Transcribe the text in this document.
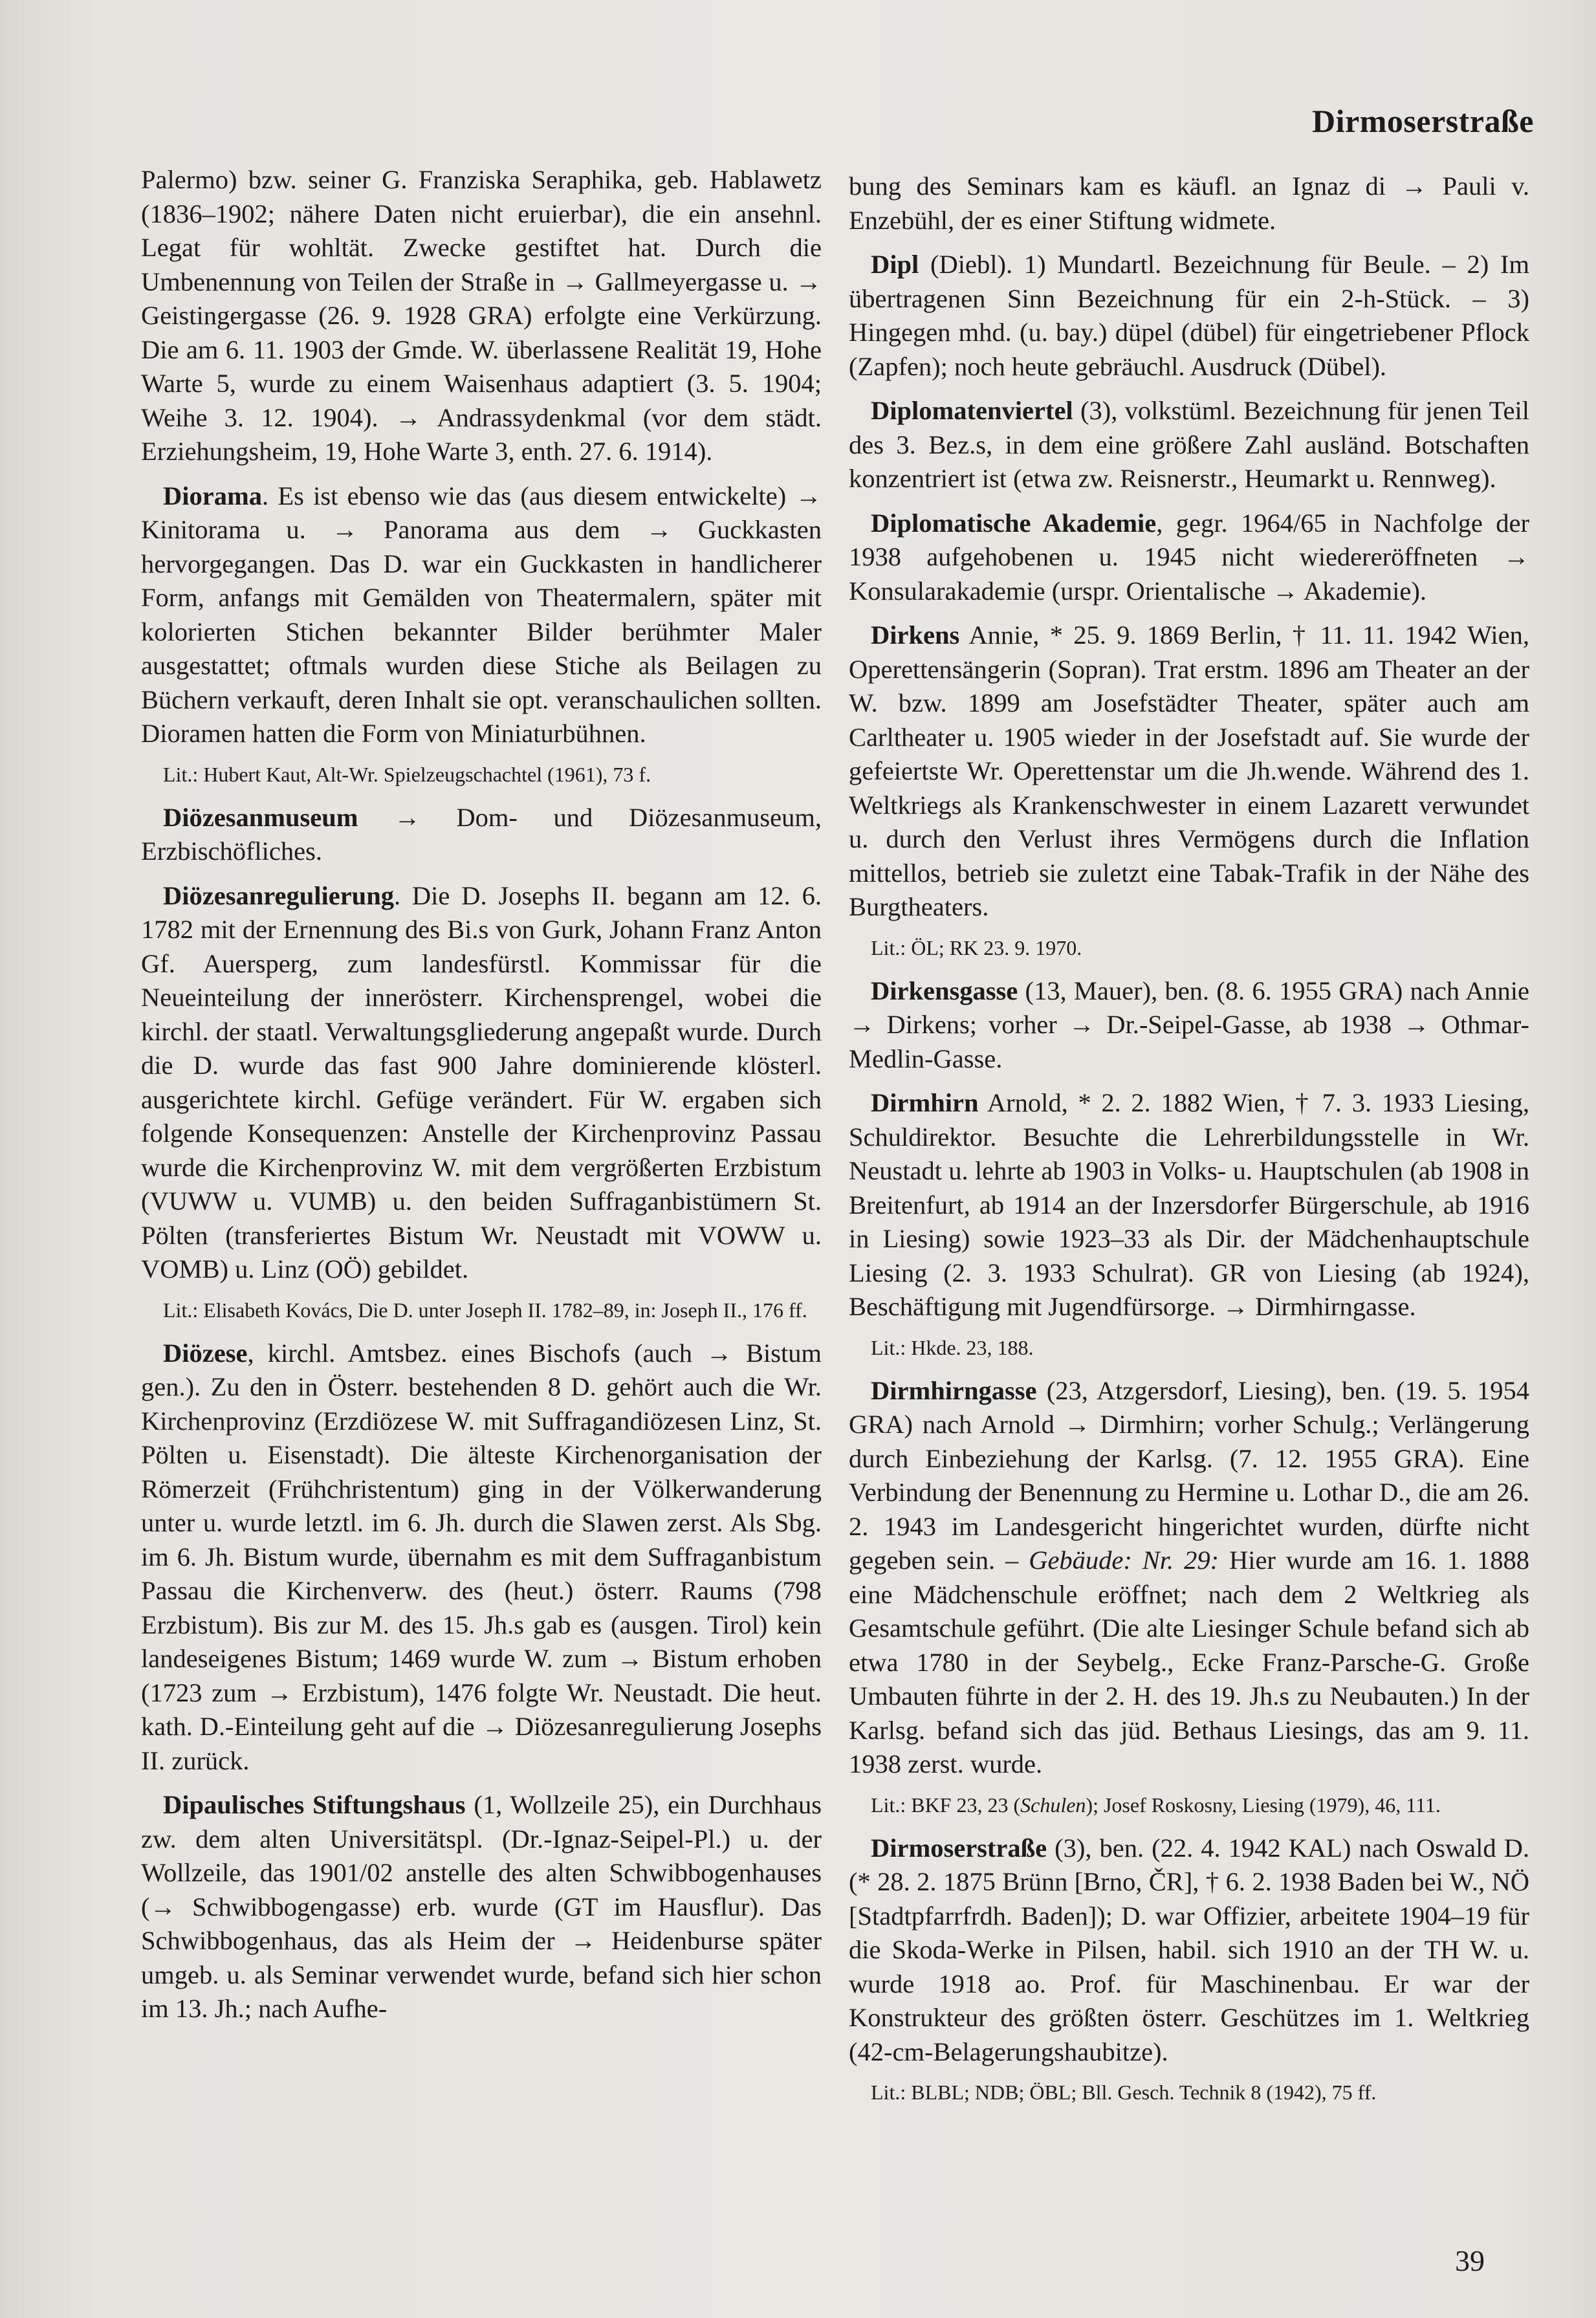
Dirmoserstraße

Palermo) bzw. seiner G. Franziska Seraphika, geb. Hablawetz (1836–1902; nähere Daten nicht eruierbar), die ein ansehnl. Legat für wohltät. Zwecke gestiftet hat. Durch die Umbenennung von Teilen der Straße in → Gallmeyergasse u. → Geistingergasse (26. 9. 1928 GRA) erfolgte eine Verkürzung. Die am 6. 11. 1903 der Gmde. W. überlassene Realität 19, Hohe Warte 5, wurde zu einem Waisenhaus adaptiert (3. 5. 1904; Weihe 3. 12. 1904). → Andrassydenkmal (vor dem städt. Erziehungsheim, 19, Hohe Warte 3, enth. 27. 6. 1914).

Diorama. Es ist ebenso wie das (aus diesem entwickelte) → Kinitorama u. → Panorama aus dem → Guckkasten hervorgegangen. Das D. war ein Guckkasten in handlicherer Form, anfangs mit Gemälden von Theatermalern, später mit kolorierten Stichen bekannter Bilder berühmter Maler ausgestattet; oftmals wurden diese Stiche als Beilagen zu Büchern verkauft, deren Inhalt sie opt. veranschaulichen sollten. Dioramen hatten die Form von Miniaturbühnen.

Lit.: Hubert Kaut, Alt-Wr. Spielzeugschachtel (1961), 73 f.

Diözesanmuseum → Dom- und Diözesanmuseum, Erzbischöfliches.

Diözesanregulierung. Die D. Josephs II. begann am 12. 6. 1782 mit der Ernennung des Bi.s von Gurk, Johann Franz Anton Gf. Auersperg, zum landesfürstl. Kommissar für die Neueinteilung der innerösterr. Kirchensprengel, wobei die kirchl. der staatl. Verwaltungsgliederung angepaßt wurde. Durch die D. wurde das fast 900 Jahre dominierende klösterl. ausgerichtete kirchl. Gefüge verändert. Für W. ergaben sich folgende Konsequenzen: Anstelle der Kirchenprovinz Passau wurde die Kirchenprovinz W. mit dem vergrößerten Erzbistum (VUWW u. VUMB) u. den beiden Suffraganbistümern St. Pölten (transferiertes Bistum Wr. Neustadt mit VOWW u. VOMB) u. Linz (OÖ) gebildet.

Lit.: Elisabeth Kovács, Die D. unter Joseph II. 1782–89, in: Joseph II., 176 ff.

Diözese, kirchl. Amtsbez. eines Bischofs (auch → Bistum gen.). Zu den in Österr. bestehenden 8 D. gehört auch die Wr. Kirchenprovinz (Erzdiözese W. mit Suffragandiözesen Linz, St. Pölten u. Eisenstadt). Die älteste Kirchenorganisation der Römerzeit (Frühchristentum) ging in der Völkerwanderung unter u. wurde letztl. im 6. Jh. durch die Slawen zerst. Als Sbg. im 6. Jh. Bistum wurde, übernahm es mit dem Suffraganbistum Passau die Kirchenverw. des (heut.) österr. Raums (798 Erzbistum). Bis zur M. des 15. Jh.s gab es (ausgen. Tirol) kein landeseigenes Bistum; 1469 wurde W. zum → Bistum erhoben (1723 zum → Erzbistum), 1476 folgte Wr. Neustadt. Die heut. kath. D.-Einteilung geht auf die → Diözesanregulierung Josephs II. zurück.

Dipaulisches Stiftungshaus (1, Wollzeile 25), ein Durchhaus zw. dem alten Universitätspl. (Dr.-Ignaz-Seipel-Pl.) u. der Wollzeile, das 1901/02 anstelle des alten Schwibbogenhauses (→ Schwibbogengasse) erb. wurde (GT im Hausflur). Das Schwibbogenhaus, das als Heim der → Heidenburse später umgeb. u. als Seminar verwendet wurde, befand sich hier schon im 13. Jh.; nach Aufhe-

bung des Seminars kam es käufl. an Ignaz di → Pauli v. Enzebühl, der es einer Stiftung widmete.

Dipl (Diebl). 1) Mundartl. Bezeichnung für Beule. – 2) Im übertragenen Sinn Bezeichnung für ein 2-h-Stück. – 3) Hingegen mhd. (u. bay.) düpel (dübel) für eingetriebener Pflock (Zapfen); noch heute gebräuchl. Ausdruck (Dübel).

Diplomatenviertel (3), volkstüml. Bezeichnung für jenen Teil des 3. Bez.s, in dem eine größere Zahl ausländ. Botschaften konzentriert ist (etwa zw. Reisnerstr., Heumarkt u. Rennweg).

Diplomatische Akademie, gegr. 1964/65 in Nachfolge der 1938 aufgehobenen u. 1945 nicht wiedereröffneten → Konsularakademie (urspr. Orientalische → Akademie).

Dirkens Annie, * 25. 9. 1869 Berlin, † 11. 11. 1942 Wien, Operettensängerin (Sopran). Trat erstm. 1896 am Theater an der W. bzw. 1899 am Josefstädter Theater, später auch am Carltheater u. 1905 wieder in der Josefstadt auf. Sie wurde der gefeiertste Wr. Operettenstar um die Jh.wende. Während des 1. Weltkriegs als Krankenschwester in einem Lazarett verwundet u. durch den Verlust ihres Vermögens durch die Inflation mittellos, betrieb sie zuletzt eine Tabak-Trafik in der Nähe des Burgtheaters.

Lit.: ÖL; RK 23. 9. 1970.

Dirkensgasse (13, Mauer), ben. (8. 6. 1955 GRA) nach Annie → Dirkens; vorher → Dr.-Seipel-Gasse, ab 1938 → Othmar-Medlin-Gasse.

Dirmhirn Arnold, * 2. 2. 1882 Wien, † 7. 3. 1933 Liesing, Schuldirektor. Besuchte die Lehrerbildungsstelle in Wr. Neustadt u. lehrte ab 1903 in Volks- u. Hauptschulen (ab 1908 in Breitenfurt, ab 1914 an der Inzersdorfer Bürgerschule, ab 1916 in Liesing) sowie 1923–33 als Dir. der Mädchenhauptschule Liesing (2. 3. 1933 Schulrat). GR von Liesing (ab 1924), Beschäftigung mit Jugendfürsorge. → Dirmhirngasse.

Lit.: Hkde. 23, 188.

Dirmhirngasse (23, Atzgersdorf, Liesing), ben. (19. 5. 1954 GRA) nach Arnold → Dirmhirn; vorher Schulg.; Verlängerung durch Einbeziehung der Karlsg. (7. 12. 1955 GRA). Eine Verbindung der Benennung zu Hermine u. Lothar D., die am 26. 2. 1943 im Landesgericht hingerichtet wurden, dürfte nicht gegeben sein. – Gebäude: Nr. 29: Hier wurde am 16. 1. 1888 eine Mädchenschule eröffnet; nach dem 2 Weltkrieg als Gesamtschule geführt. (Die alte Liesinger Schule befand sich ab etwa 1780 in der Seybelg., Ecke Franz-Parsche-G. Große Umbauten führte in der 2. H. des 19. Jh.s zu Neubauten.) In der Karlsg. befand sich das jüd. Bethaus Liesings, das am 9. 11. 1938 zerst. wurde.

Lit.: BKF 23, 23 (Schulen); Josef Roskosny, Liesing (1979), 46, 111.

Dirmoserstraße (3), ben. (22. 4. 1942 KAL) nach Oswald D. (* 28. 2. 1875 Brünn [Brno, ČR], † 6. 2. 1938 Baden bei W., NÖ [Stadtpfarrfrdh. Baden]); D. war Offizier, arbeitete 1904–19 für die Skoda-Werke in Pilsen, habil. sich 1910 an der TH W. u. wurde 1918 ao. Prof. für Maschinenbau. Er war der Konstrukteur des größten österr. Geschützes im 1. Weltkrieg (42-cm-Belagerungshaubitze).

Lit.: BLBL; NDB; ÖBL; Bll. Gesch. Technik 8 (1942), 75 ff.

39
